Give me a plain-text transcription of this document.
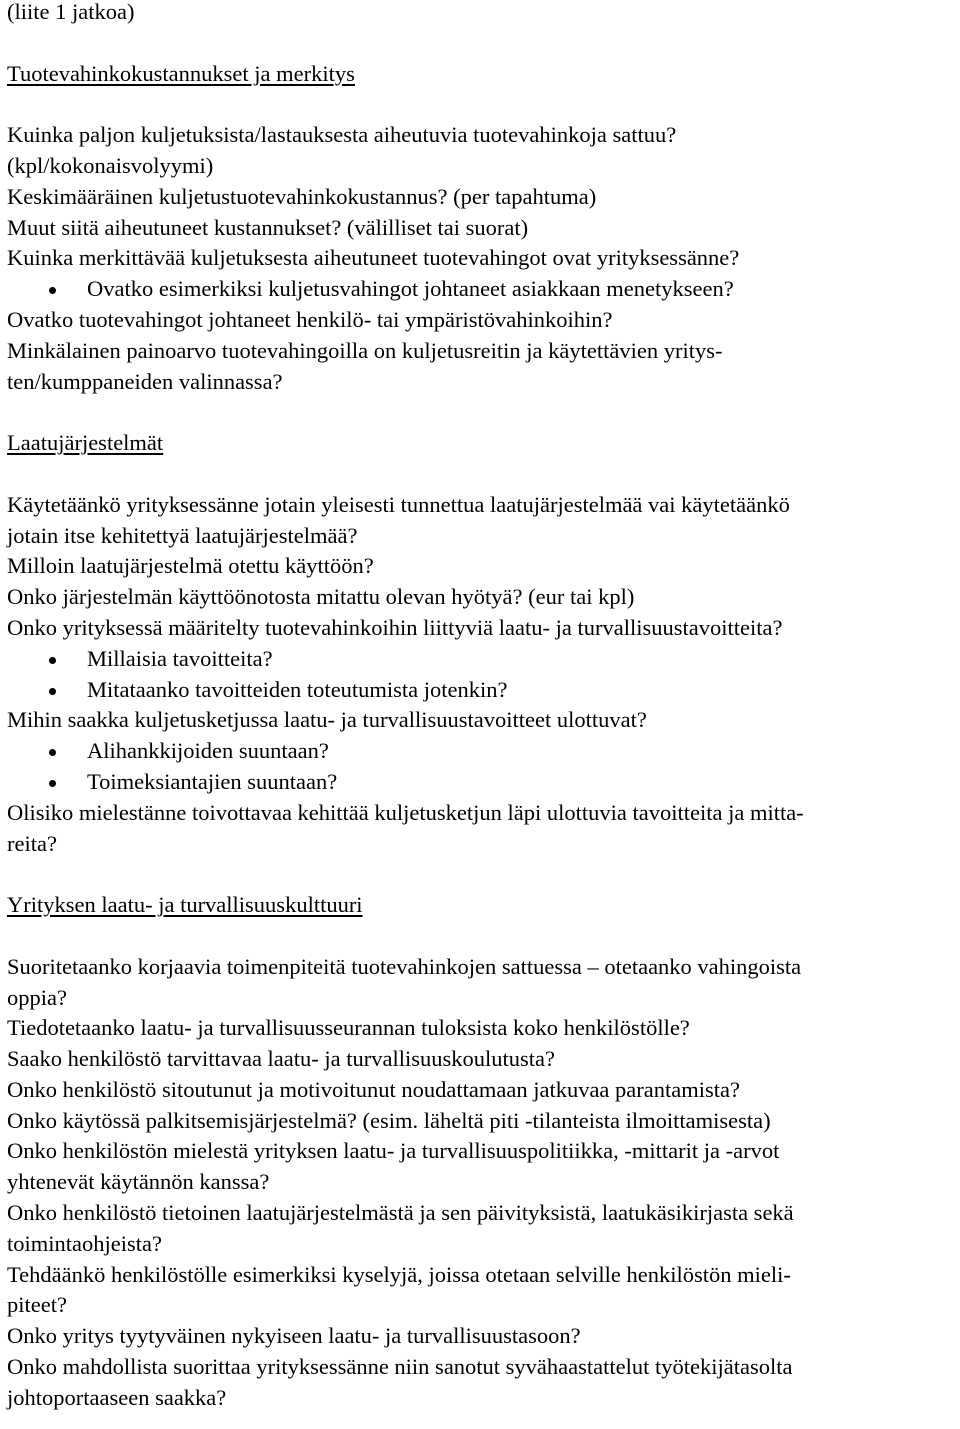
(liite 1 jatkoa)
Tuotevahinkokustannukset ja merkitys
Kuinka paljon kuljetuksista/lastauksesta aiheutuvia tuotevahinkoja sattuu?
(kpl/kokonaisvolyymi)
Keskimääräinen kuljetustuotevahinkokustannus? (per tapahtuma)
Muut siitä aiheutuneet kustannukset? (välilliset tai suorat)
Kuinka merkittävää kuljetuksesta aiheutuneet tuotevahingot ovat yrityksessänne?
Ovatko esimerkiksi kuljetusvahingot johtaneet asiakkaan menetykseen?
Ovatko tuotevahingot johtaneet henkilö- tai ympäristövahinkoihin?
Minkälainen painoarvo tuotevahingoilla on kuljetusreitin ja käytettävien yritys-
ten/kumppaneiden valinnassa?
Laatujärjestelmät
Käytetäänkö yrityksessänne jotain yleisesti tunnettua laatujärjestelmää vai käytetäänkö
jotain itse kehitettyä laatujärjestelmää?
Milloin laatujärjestelmä otettu käyttöön?
Onko järjestelmän käyttöönotosta mitattu olevan hyötyä? (eur tai kpl)
Onko yrityksessä määritelty tuotevahinkoihin liittyviä laatu- ja turvallisuustavoitteita?
Millaisia tavoitteita?
Mitataanko tavoitteiden toteutumista jotenkin?
Mihin saakka kuljetusketjussa laatu- ja turvallisuustavoitteet ulottuvat?
Alihankkijoiden suuntaan?
Toimeksiantajien suuntaan?
Olisiko mielestänne toivottavaa kehittää kuljetusketjun läpi ulottuvia tavoitteita ja mitta-
reita?
Yrityksen laatu- ja turvallisuuskulttuuri
Suoritetaanko korjaavia toimenpiteitä tuotevahinkojen sattuessa – otetaanko vahingoista
oppia?
Tiedotetaanko laatu- ja turvallisuusseurannan tuloksista koko henkilöstölle?
Saako henkilöstö tarvittavaa laatu- ja turvallisuuskoulutusta?
Onko henkilöstö sitoutunut ja motivoitunut noudattamaan jatkuvaa parantamista?
Onko käytössä palkitsemisjärjestelmä? (esim. läheltä piti -tilanteista ilmoittamisesta)
Onko henkilöstön mielestä yrityksen laatu- ja turvallisuuspolitiikka, -mittarit ja -arvot
yhtenevät käytännön kanssa?
Onko henkilöstö tietoinen laatujärjestelmästä ja sen päivityksistä, laatukäsikirjasta sekä
toimintaohjeista?
Tehdäänkö henkilöstölle esimerkiksi kyselyjä, joissa otetaan selville henkilöstön mieli-
piteet?
Onko yritys tyytyväinen nykyiseen laatu- ja turvallisuustasoon?
Onko mahdollista suorittaa yrityksessänne niin sanotut syvähaastattelut työtekijätasolta
johtoportaaseen saakka?
